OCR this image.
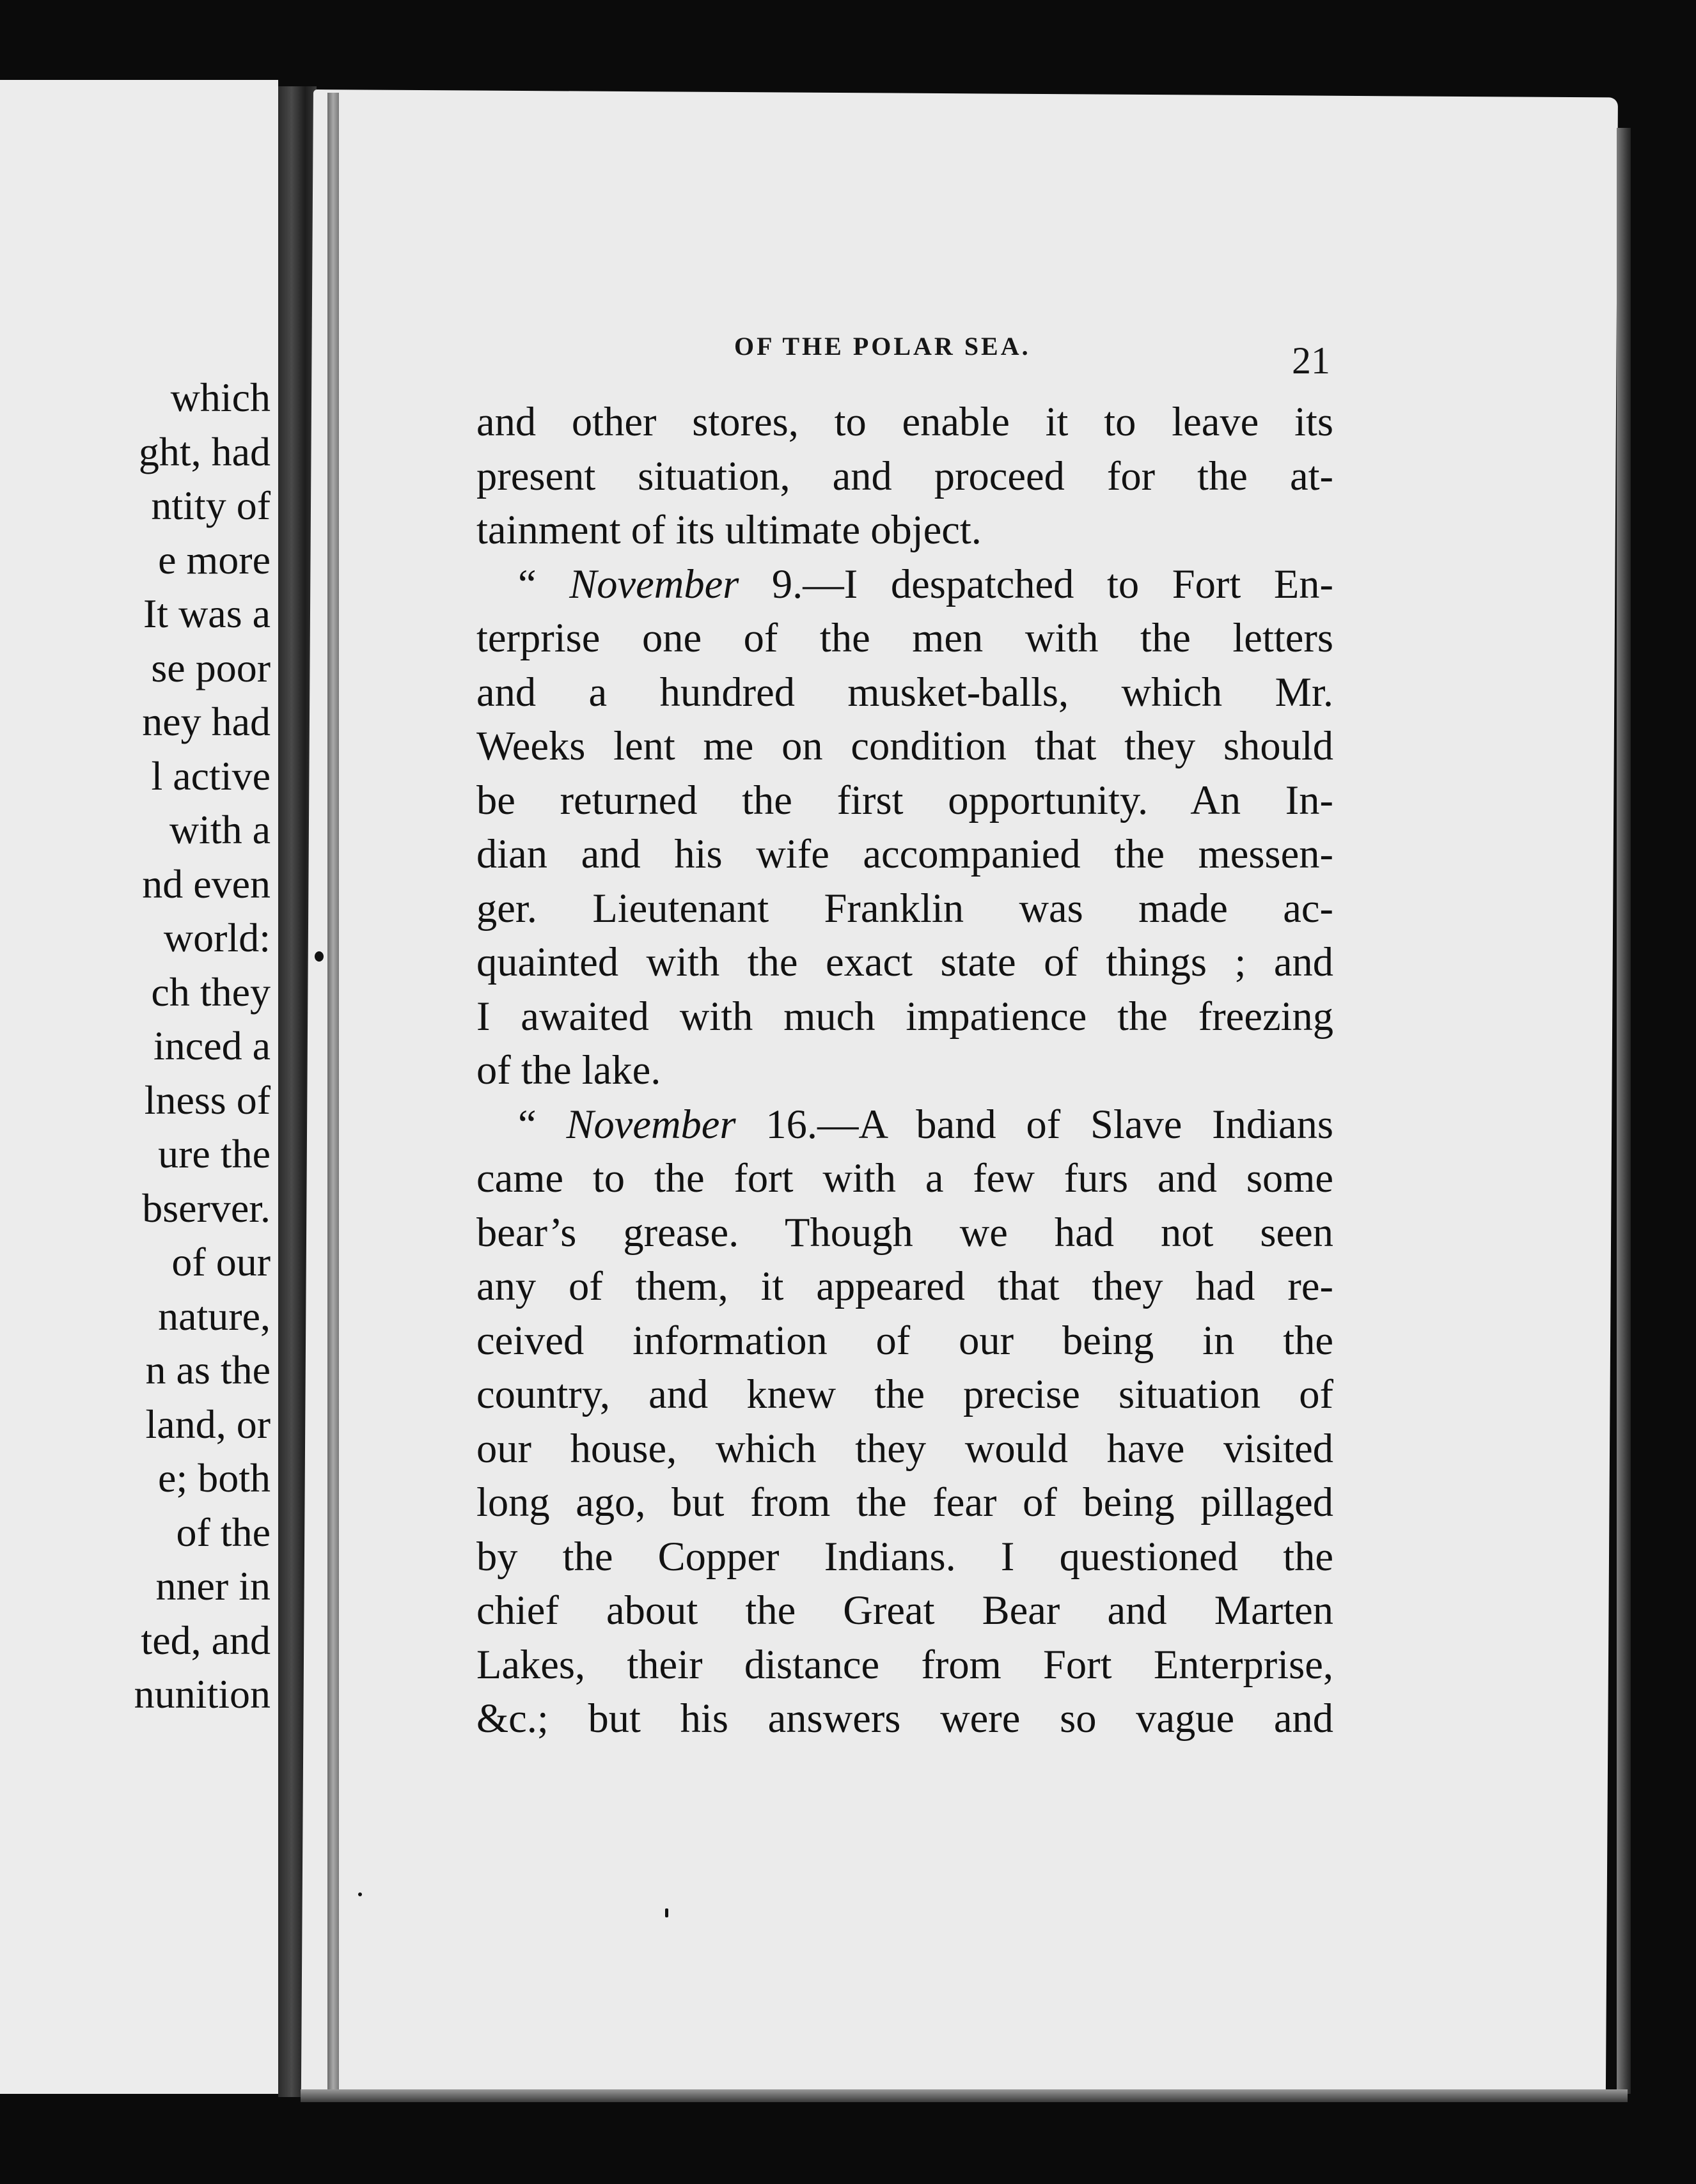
which
ght, had
ntity of
e more
It was a
se poor
ney had
l active
with a
nd even
world:
ch they
inced a
lness of
ure the
bserver.
of our
nature,
n as the
land, or
e; both
of the
nner in
ted, and
nunition
OF THE POLAR SEA.	21
and other stores, to enable it to leave its
present situation, and proceed for the at-
tainment of its ultimate object.
“ November 9.—I despatched to Fort En-
terprise one of the men with the letters
and a hundred musket-balls, which Mr.
Weeks lent me on condition that they should
be returned the first opportunity. An In-
dian and his wife accompanied the messen-
ger. Lieutenant Franklin was made ac-
quainted with the exact state of things ; and
I awaited with much impatience the freezing
of the lake.
“ November 16.—A band of Slave Indians
came to the fort with a few furs and some
bear’s grease. Though we had not seen
any of them, it appeared that they had re-
ceived information of our being in the
country, and knew the precise situation of
our house, which they would have visited
long ago, but from the fear of being pillaged
by the Copper Indians. I questioned the
chief about the Great Bear and Marten
Lakes, their distance from Fort Enterprise,
&c.; but his answers were so vague and
